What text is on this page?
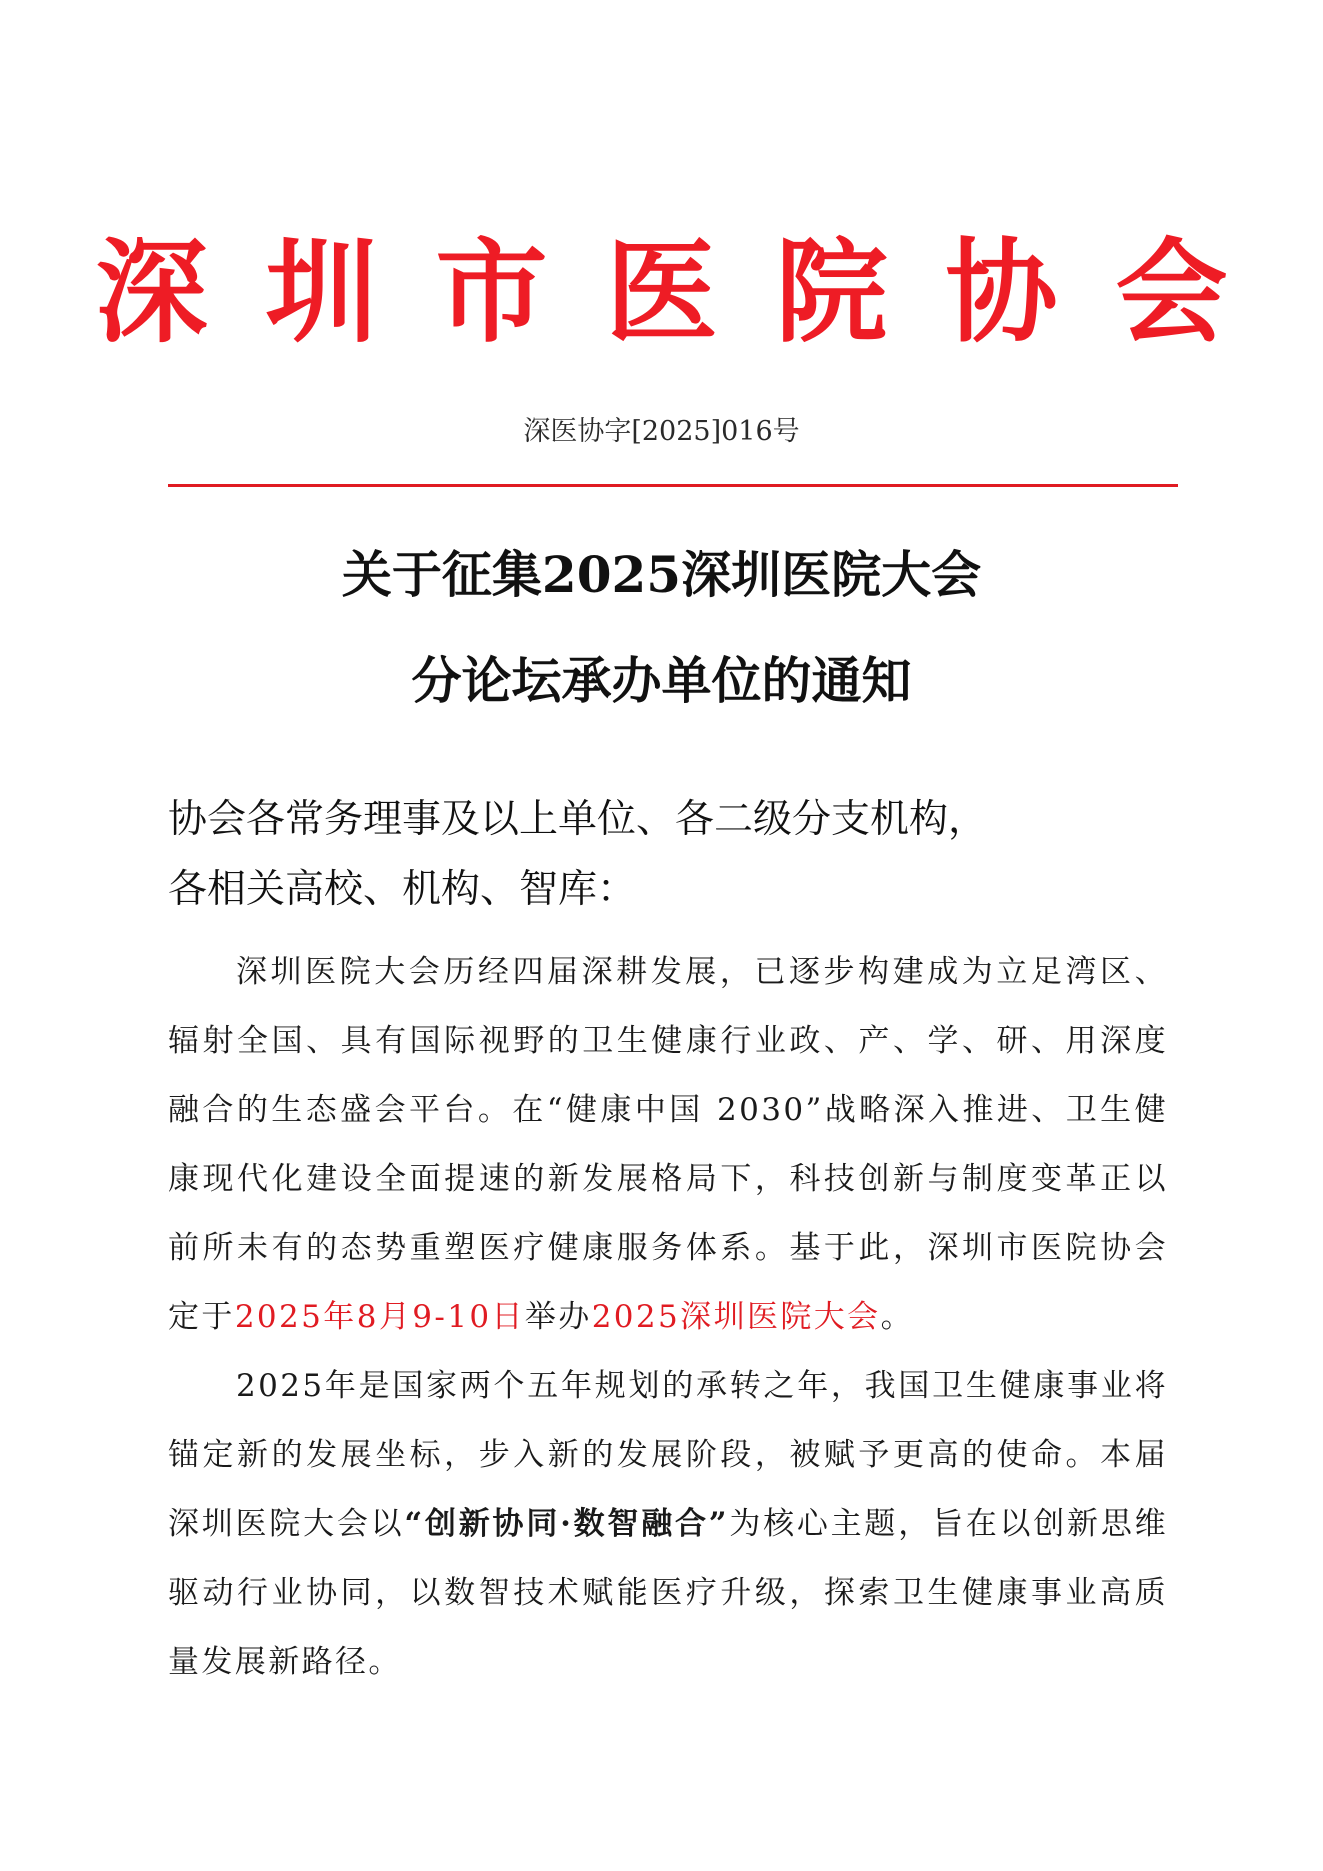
深圳市医院协会
深医协字[2025]016号
关于征集2025深圳医院大会
分论坛承办单位的通知
协会各常务理事及以上单位、各二级分支机构，
各相关高校、机构、智库：

深圳医院大会历经四届深耕发展，已逐步构建成为立足湾区、辐射全国、具有国际视野的卫生健康行业政、产、学、研、用深度融合的生态盛会平台。在“健康中国 2030”战略深入推进、卫生健康现代化建设全面提速的新发展格局下，科技创新与制度变革正以前所未有的态势重塑医疗健康服务体系。基于此，深圳市医院协会定于2025年8月9-10日举办2025深圳医院大会。

2025年是国家两个五年规划的承转之年，我国卫生健康事业将锚定新的发展坐标，步入新的发展阶段，被赋予更高的使命。本届深圳医院大会以“创新协同·数智融合”为核心主题，旨在以创新思维驱动行业协同，以数智技术赋能医疗升级，探索卫生健康事业高质量发展新路径。
